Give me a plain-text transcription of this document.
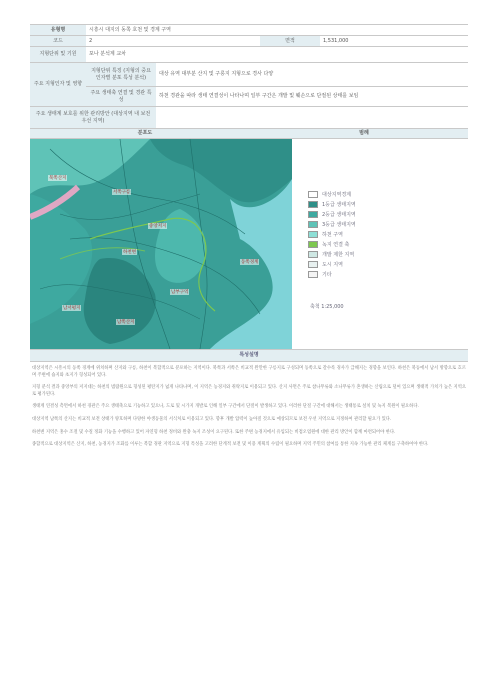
유형명	시흥시 대지의 동쪽 호천 및 경계 구역			
코드	2		면적	1,531,000
지형단위 및 기원	포나 분석계 교차			
주요 지형인자 및 영향	지형단위 특징 (지형의 중요 인자별 분포 특성 분석)	대상 유역 대부분 산지 및 구릉지 지형으로 경사 다양		
	주요 생태축 연결 및 경관 특성	하천 경관을 따라 생태 연결성이 나타나며 일부 구간은 개발 및 훼손으로 단절된 상태를 보임		
주요 생태계 보호를 위한 관리방안 (대상지역 내 보전 우선 지역)				
분포도			범례	
북쪽산지
서쪽구릉
중앙저지
하천변
동쪽경계
남부구역
남서평지
남쪽산지
대상지역경계
1등급 생태지역
2등급 생태지역
3등급 생태지역
하천 구역
녹지 연결 축
개발 제한 지역
도시 지역
기타
축척 1:25,000
특성설명

대상지역은 시흥시의 동쪽 경계에 위치하며 산지와 구릉, 하천이 복합적으로 분포하는 지역이다. 북쪽과 서쪽은 비교적 완만한 구릉지로 구성되며 동쪽으로 갈수록 경사가 급해지는 경향을 보인다. 하천은 북동에서 남서 방향으로 흐르며 주변에 습지와 초지가 형성되어 있다.

지형 분석 결과 중앙부의 저지대는 하천의 범람원으로 형성된 평탄지가 넓게 나타나며, 이 지역은 농경지와 취락지로 이용되고 있다. 산지 사면은 주로 참나무류와 소나무류가 혼생하는 산림으로 덮여 있으며 생태적 가치가 높은 지역으로 평가된다.

생태계 연결성 측면에서 하천 경관은 주요 생태축으로 기능하고 있으나, 도로 및 시가지 개발로 인해 일부 구간에서 단절이 발생하고 있다. 이러한 단절 구간에 대해서는 생태통로 설치 및 녹지 복원이 필요하다.

대상지역 남쪽의 산지는 비교적 보전 상태가 양호하며 다양한 야생동물의 서식처로 이용되고 있다. 향후 개발 압력이 높아질 것으로 예상되므로 보전 우선 지역으로 지정하여 관리할 필요가 있다.

하천변 지역은 홍수 조절 및 수질 정화 기능을 수행하고 있어 자연형 하천 정비와 완충 녹지 조성이 요구된다. 또한 주변 농경지에서 유입되는 비점오염원에 대한 관리 방안이 함께 마련되어야 한다.

종합적으로 대상지역은 산지, 하천, 농경지가 조화를 이루는 복합 경관 지역으로 지형 특성을 고려한 단계적 보전 및 이용 계획의 수립이 필요하며 지역 주민의 참여를 통한 지속 가능한 관리 체계를 구축하여야 한다.
